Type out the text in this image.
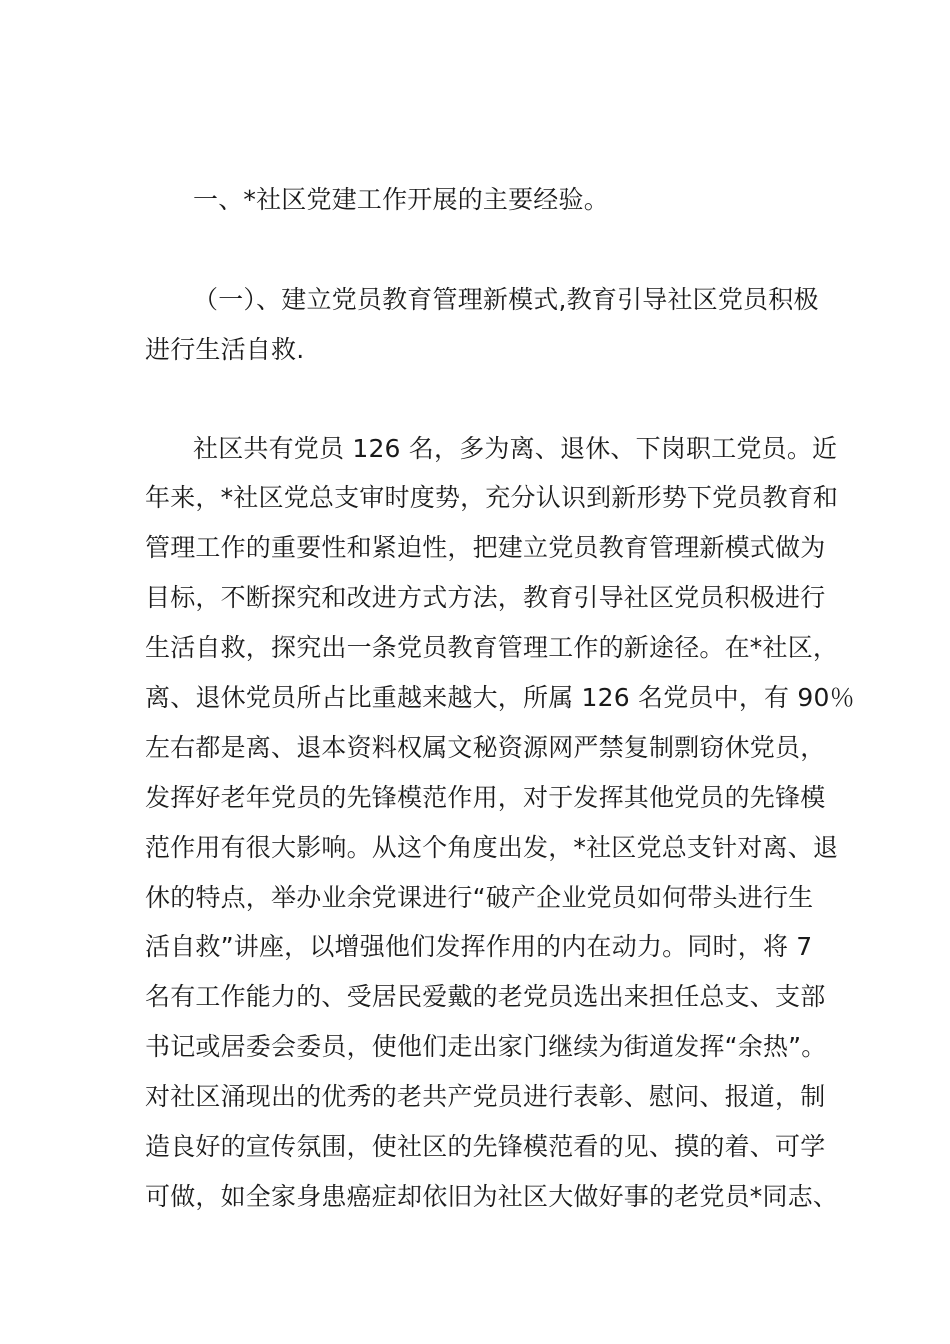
一、*社区党建工作开展的主要经验。
（一）、建立党员教育管理新模式,教育引导社区党员积极
进行生活自救.
社区共有党员 126 名，多为离、退休、下岗职工党员。近
年来，*社区党总支审时度势，充分认识到新形势下党员教育和
管理工作的重要性和紧迫性，把建立党员教育管理新模式做为
目标，不断探究和改进方式方法，教育引导社区党员积极进行
生活自救，探究出一条党员教育管理工作的新途径。在*社区，
离、退休党员所占比重越来越大，所属 126 名党员中，有 90％
左右都是离、退本资料权属文秘资源网严禁复制剽窃休党员，
发挥好老年党员的先锋模范作用，对于发挥其他党员的先锋模
范作用有很大影响。从这个角度出发，*社区党总支针对离、退
休的特点，举办业余党课进行“破产企业党员如何带头进行生
活自救”讲座，以增强他们发挥作用的内在动力。同时，将 7
名有工作能力的、受居民爱戴的老党员选出来担任总支、支部
书记或居委会委员，使他们走出家门继续为街道发挥“余热”。
对社区涌现出的优秀的老共产党员进行表彰、慰问、报道，制
造良好的宣传氛围，使社区的先锋模范看的见、摸的着、可学
可做，如全家身患癌症却依旧为社区大做好事的老党员*同志、
